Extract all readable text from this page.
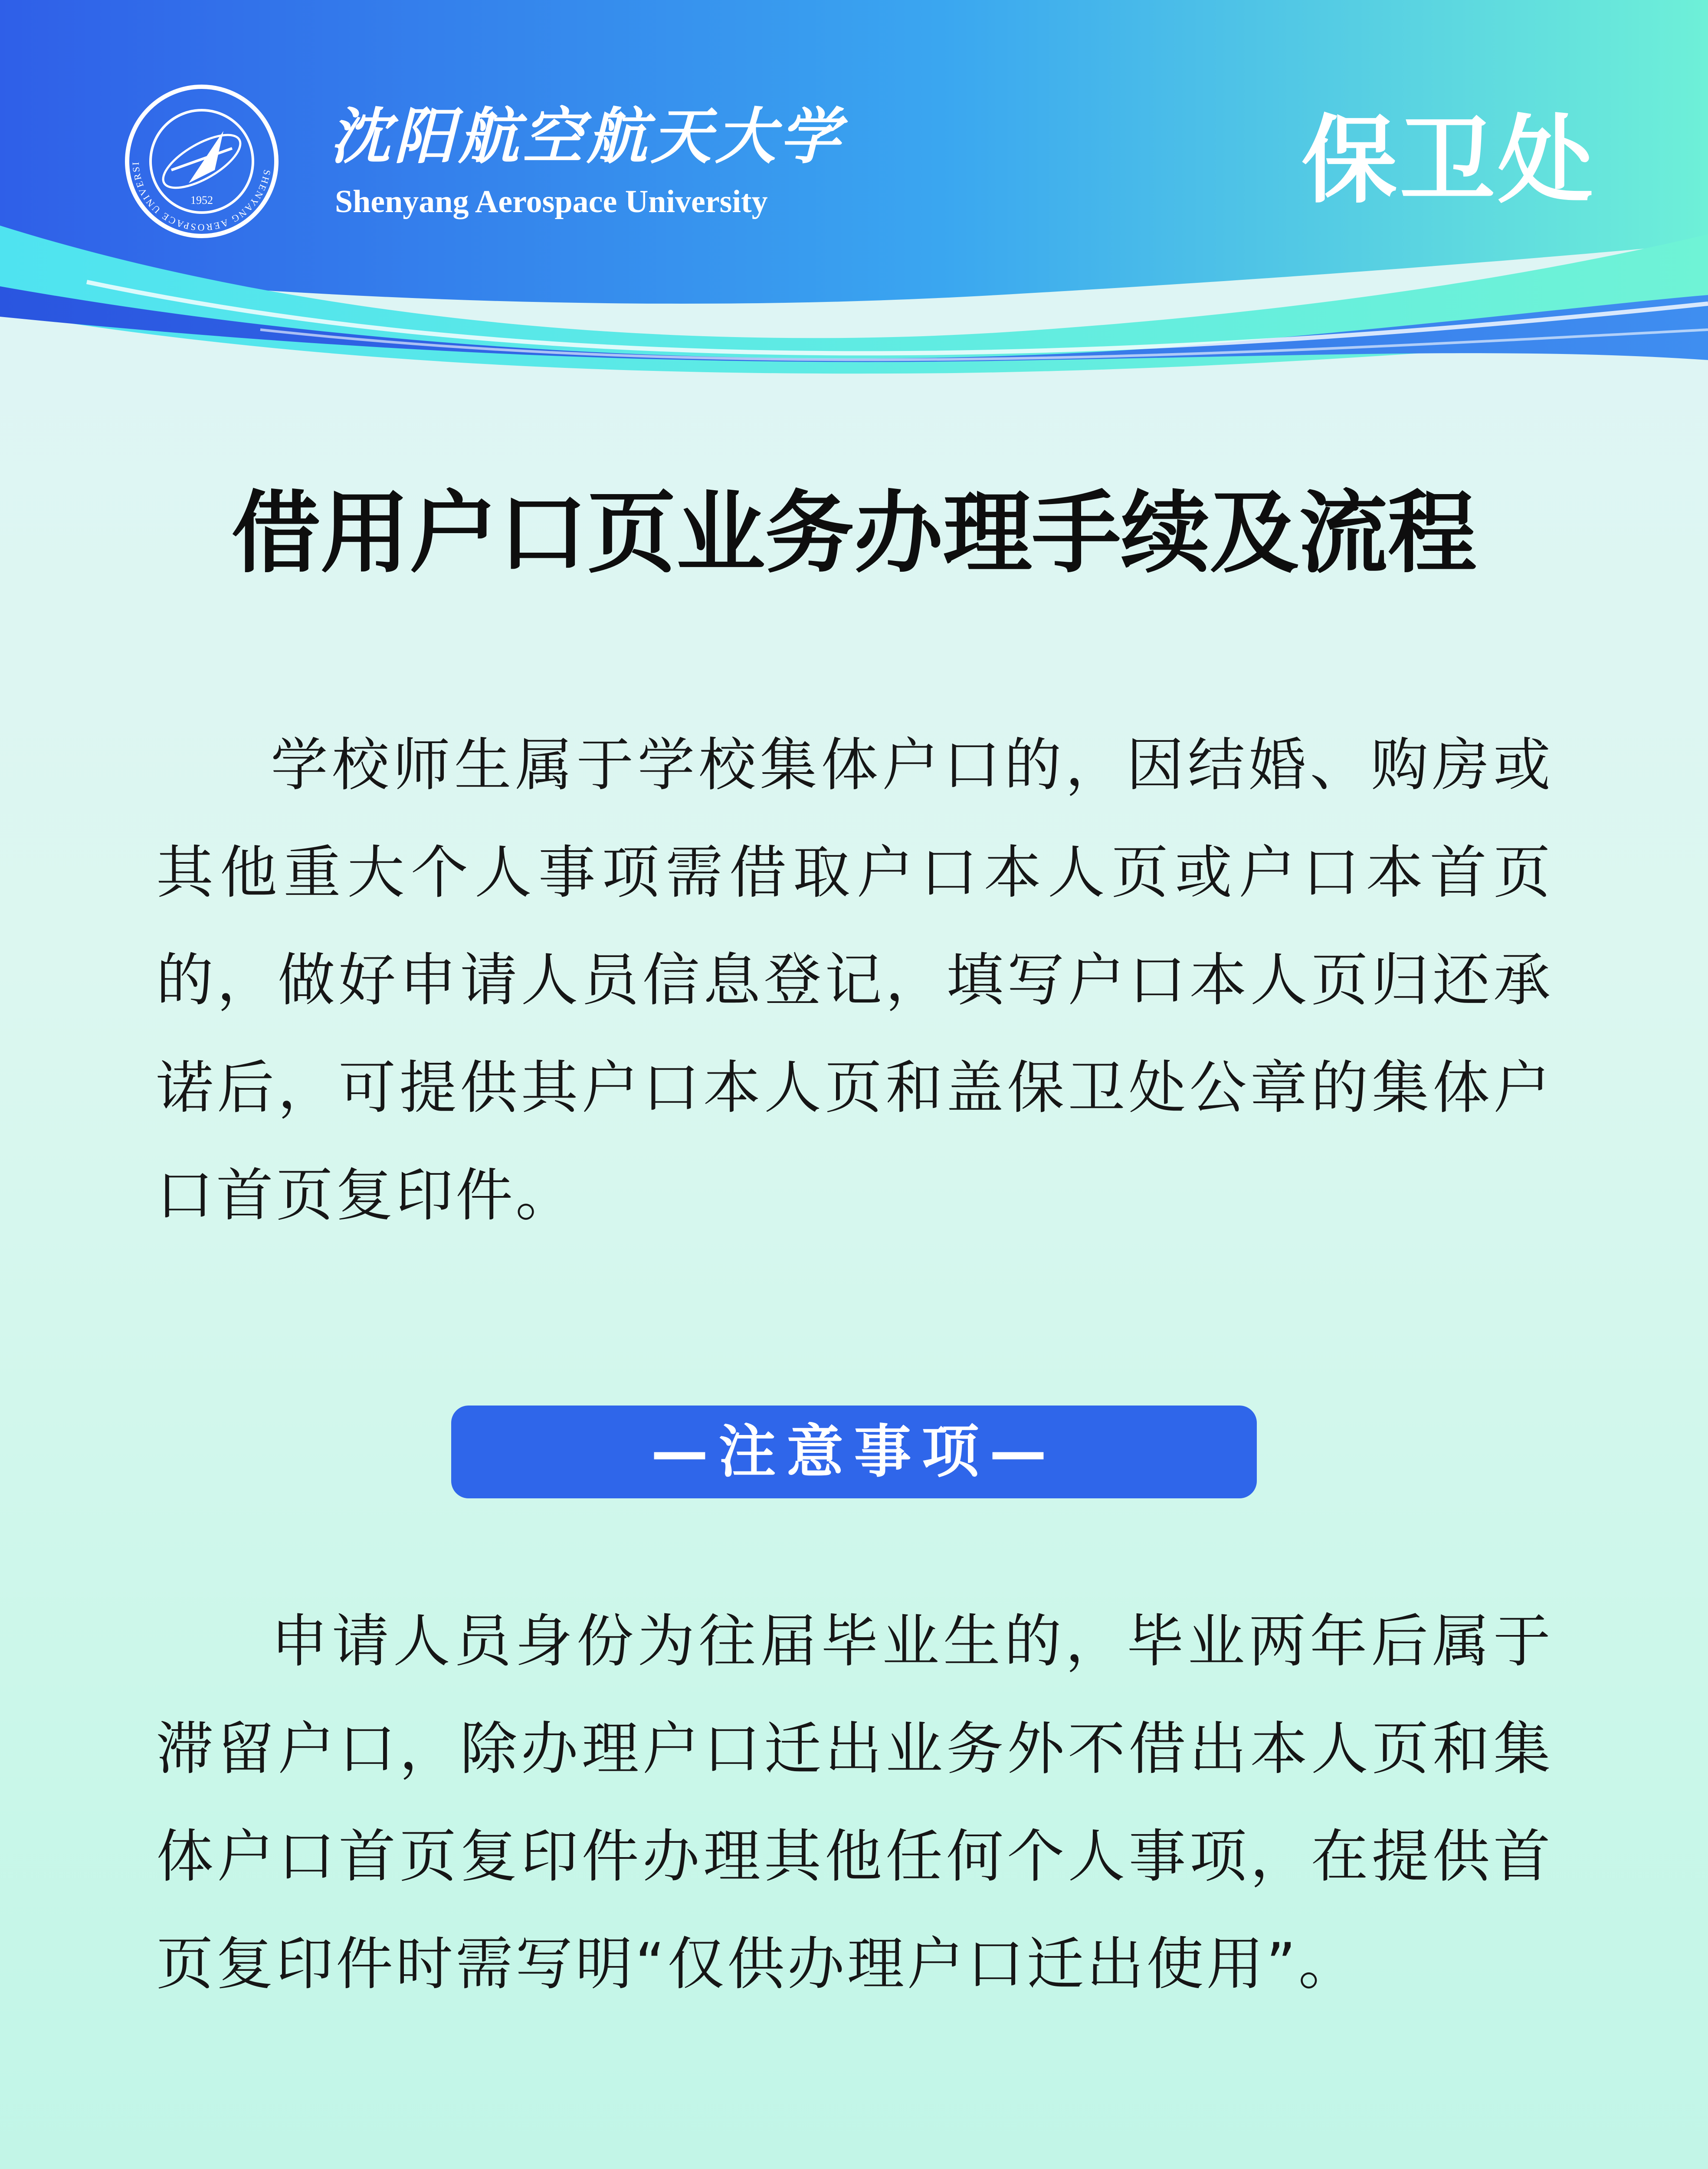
SHENYANG AEROSPACE UNIVERSI
1952
沈阳航空航天大学
Shenyang Aerospace University	保卫处
借用户口页业务办理手续及流程
学校师生属于学校集体户口的，因结婚、购房或其他重大个人事项需借取户口本人页或户口本首页的，做好申请人员信息登记，填写户口本人页归还承诺后，可提供其户口本人页和盖保卫处公章的集体户口首页复印件。
—注意事项—
申请人员身份为往届毕业生的，毕业两年后属于滞留户口，除办理户口迁出业务外不借出本人页和集体户口首页复印件办理其他任何个人事项，在提供首页复印件时需写明“仅供办理户口迁出使用”。
